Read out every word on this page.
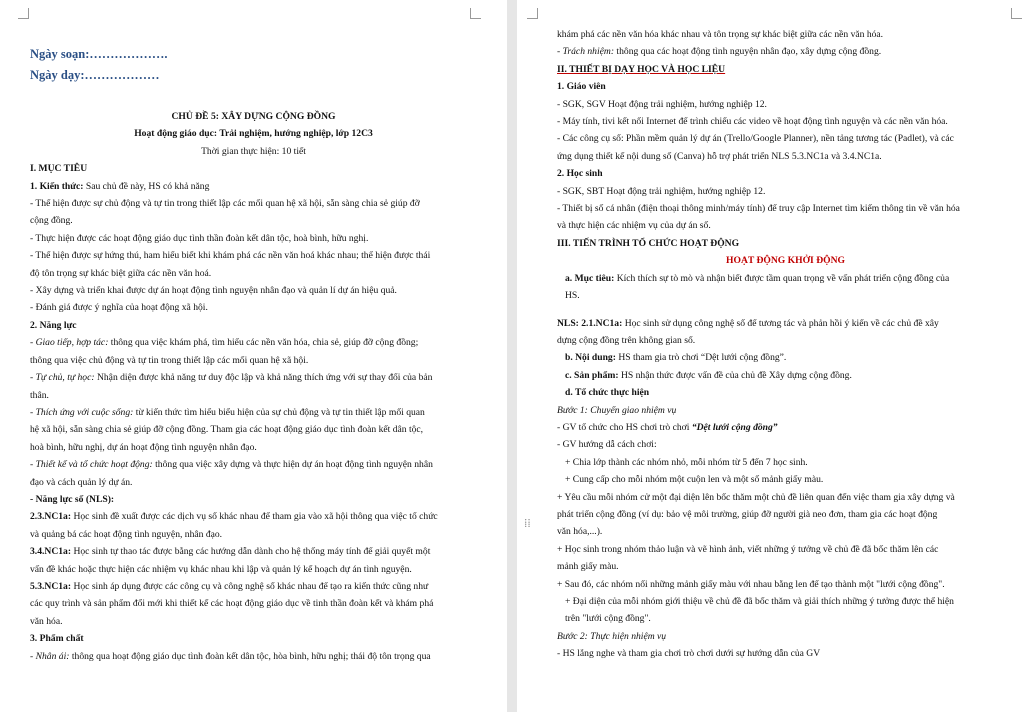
Ngày soạn:……………….

Ngày dạy:………………

CHỦ ĐỀ 5: XÂY DỰNG CỘNG ĐỒNG

Hoạt động giáo dục: Trải nghiệm, hướng nghiệp, lớp 12C3

Thời gian thực hiện: 10 tiết

I. MỤC TIÊU

1. Kiến thức: Sau chủ đề này, HS có khả năng

- Thể hiện được sự chủ động và tự tin trong thiết lập các mối quan hệ xã hội, sẵn sàng chia sẻ giúp đỡ

cộng đồng.

- Thực hiện được các hoạt động giáo dục tình thần đoàn kết dân tộc, hoà bình, hữu nghị.

- Thể hiện được sự hứng thú, ham hiểu biết khi khám phá các nền văn hoá khác nhau; thể hiện được thái

độ tôn trọng sự khác biệt giữa các nền văn hoá.

- Xây dựng và triển khai được dự án hoạt động tình nguyện nhân đạo và quản lí dự án hiệu quả.

- Đánh giá được ý nghĩa của hoạt động xã hội.

2. Năng lực

- Giao tiếp, hợp tác: thông qua việc khám phá, tìm hiểu các nền văn hóa, chia sẻ, giúp đỡ cộng đồng;

thông qua việc chủ động và tự tin trong thiết lập các mối quan hệ xã hội.

- Tự chủ, tự học: Nhận diện được khả năng tư duy độc lập và khả năng thích ứng với sự thay đổi của bản

thân.

- Thích ứng với cuộc sống: từ kiến thức tìm hiểu biểu hiện của sự chủ động và tự tin thiết lập mối quan

hệ xã hội, sẵn sàng chia sẻ giúp đỡ cộng đồng. Tham gia các hoạt động giáo dục tình đoàn kết dân tộc,

hoà bình, hữu nghị, dự án hoạt động tình nguyện nhân đạo.

- Thiết kế và tổ chức hoạt động: thông qua việc xây dựng và thực hiện dự án hoạt động tình nguyện nhân

đạo và cách quản lý dự án.

- Năng lực số (NLS):

2.3.NC1a: Học sinh đề xuất được các dịch vụ số khác nhau để tham gia vào xã hội thông qua việc tổ chức

và quảng bá các hoạt động tình nguyện, nhân đạo.

3.4.NC1a: Học sinh tự thao tác được bằng các hướng dẫn dành cho hệ thống máy tính để giải quyết một

vấn đề khác hoặc thực hiện các nhiệm vụ khác nhau khi lập và quản lý kế hoạch dự án tình nguyện.

5.3.NC1a: Học sinh áp dụng được các công cụ và công nghệ số khác nhau để tạo ra kiến thức cũng như

các quy trình và sản phẩm đổi mới khi thiết kế các hoạt động giáo dục về tinh thần đoàn kết và khám phá

văn hóa.

3. Phẩm chất

- Nhân ái: thông qua hoạt động giáo dục tình đoàn kết dân tộc, hòa bình, hữu nghị; thái độ tôn trọng qua

khám phá các nền văn hóa khác nhau và tôn trọng sự khác biệt giữa các nền văn hóa.

- Trách nhiệm: thông qua các hoạt động tình nguyện nhân đạo, xây dựng cộng đồng.

II. THIẾT BỊ DẠY HỌC VÀ HỌC LIỆU

1. Giáo viên

- SGK, SGV Hoạt động trải nghiệm, hướng nghiệp 12.

- Máy tính, tivi kết nối Internet để trình chiếu các video về hoạt động tình nguyện và các nền văn hóa.

- Các công cụ số: Phần mềm quản lý dự án (Trello/Google Planner), nền tảng tương tác (Padlet), và các

ứng dụng thiết kế nội dung số (Canva) hỗ trợ phát triển NLS 5.3.NC1a và 3.4.NC1a.

2. Học sinh

- SGK, SBT Hoạt động trải nghiệm, hướng nghiệp 12.

- Thiết bị số cá nhân (điện thoại thông minh/máy tính) để truy cập Internet tìm kiếm thông tin về văn hóa

và thực hiện các nhiệm vụ của dự án số.

III. TIẾN TRÌNH TỔ CHỨC HOẠT ĐỘNG

HOẠT ĐỘNG KHỞI ĐỘNG

a. Mục tiêu: Kích thích sự tò mò và nhận biết được tầm quan trọng về vấn phát triển cộng đồng của

HS.

NLS: 2.1.NC1a: Học sinh sử dụng công nghệ số để tương tác và phản hồi ý kiến về các chủ đề xây

dựng cộng đồng trên không gian số.

b. Nội dung: HS tham gia trò chơi “Dệt lưới cộng đồng”.

c. Sản phẩm: HS nhận thức được vấn đề của chủ đề Xây dựng cộng đồng.

d. Tổ chức thực hiện

Bước 1: Chuyển giao nhiệm vụ

- GV tổ chức cho HS chơi trò chơi “Dệt lưới cộng đồng”

- GV hướng dẫ cách chơi:

+ Chia lớp thành các nhóm nhỏ, mỗi nhóm từ 5 đến 7 học sinh.

+ Cung cấp cho mỗi nhóm một cuộn len và một số mảnh giấy màu.

+ Yêu cầu mỗi nhóm cử một đại diện lên bốc thăm một chủ đề liên quan đến việc tham gia xây dựng và

phát triển cộng đồng (ví dụ: bảo vệ môi trường, giúp đỡ người già neo đơn, tham gia các hoạt động

văn hóa,...).

+ Học sinh trong nhóm thảo luận và vẽ hình ảnh, viết những ý tưởng về chủ đề đã bốc thăm lên các

mảnh giấy màu.

+ Sau đó, các nhóm nối những mảnh giấy màu với nhau bằng len để tạo thành một "lưới cộng đồng".

+ Đại diện của mỗi nhóm giới thiệu về chủ đề đã bốc thăm và giải thích những ý tưởng được thể hiện

trên "lưới cộng đồng".

Bước 2: Thực hiện nhiệm vụ

- HS lắng nghe và tham gia chơi trò chơi dưới sự hướng dẫn của GV

⁞⁞
